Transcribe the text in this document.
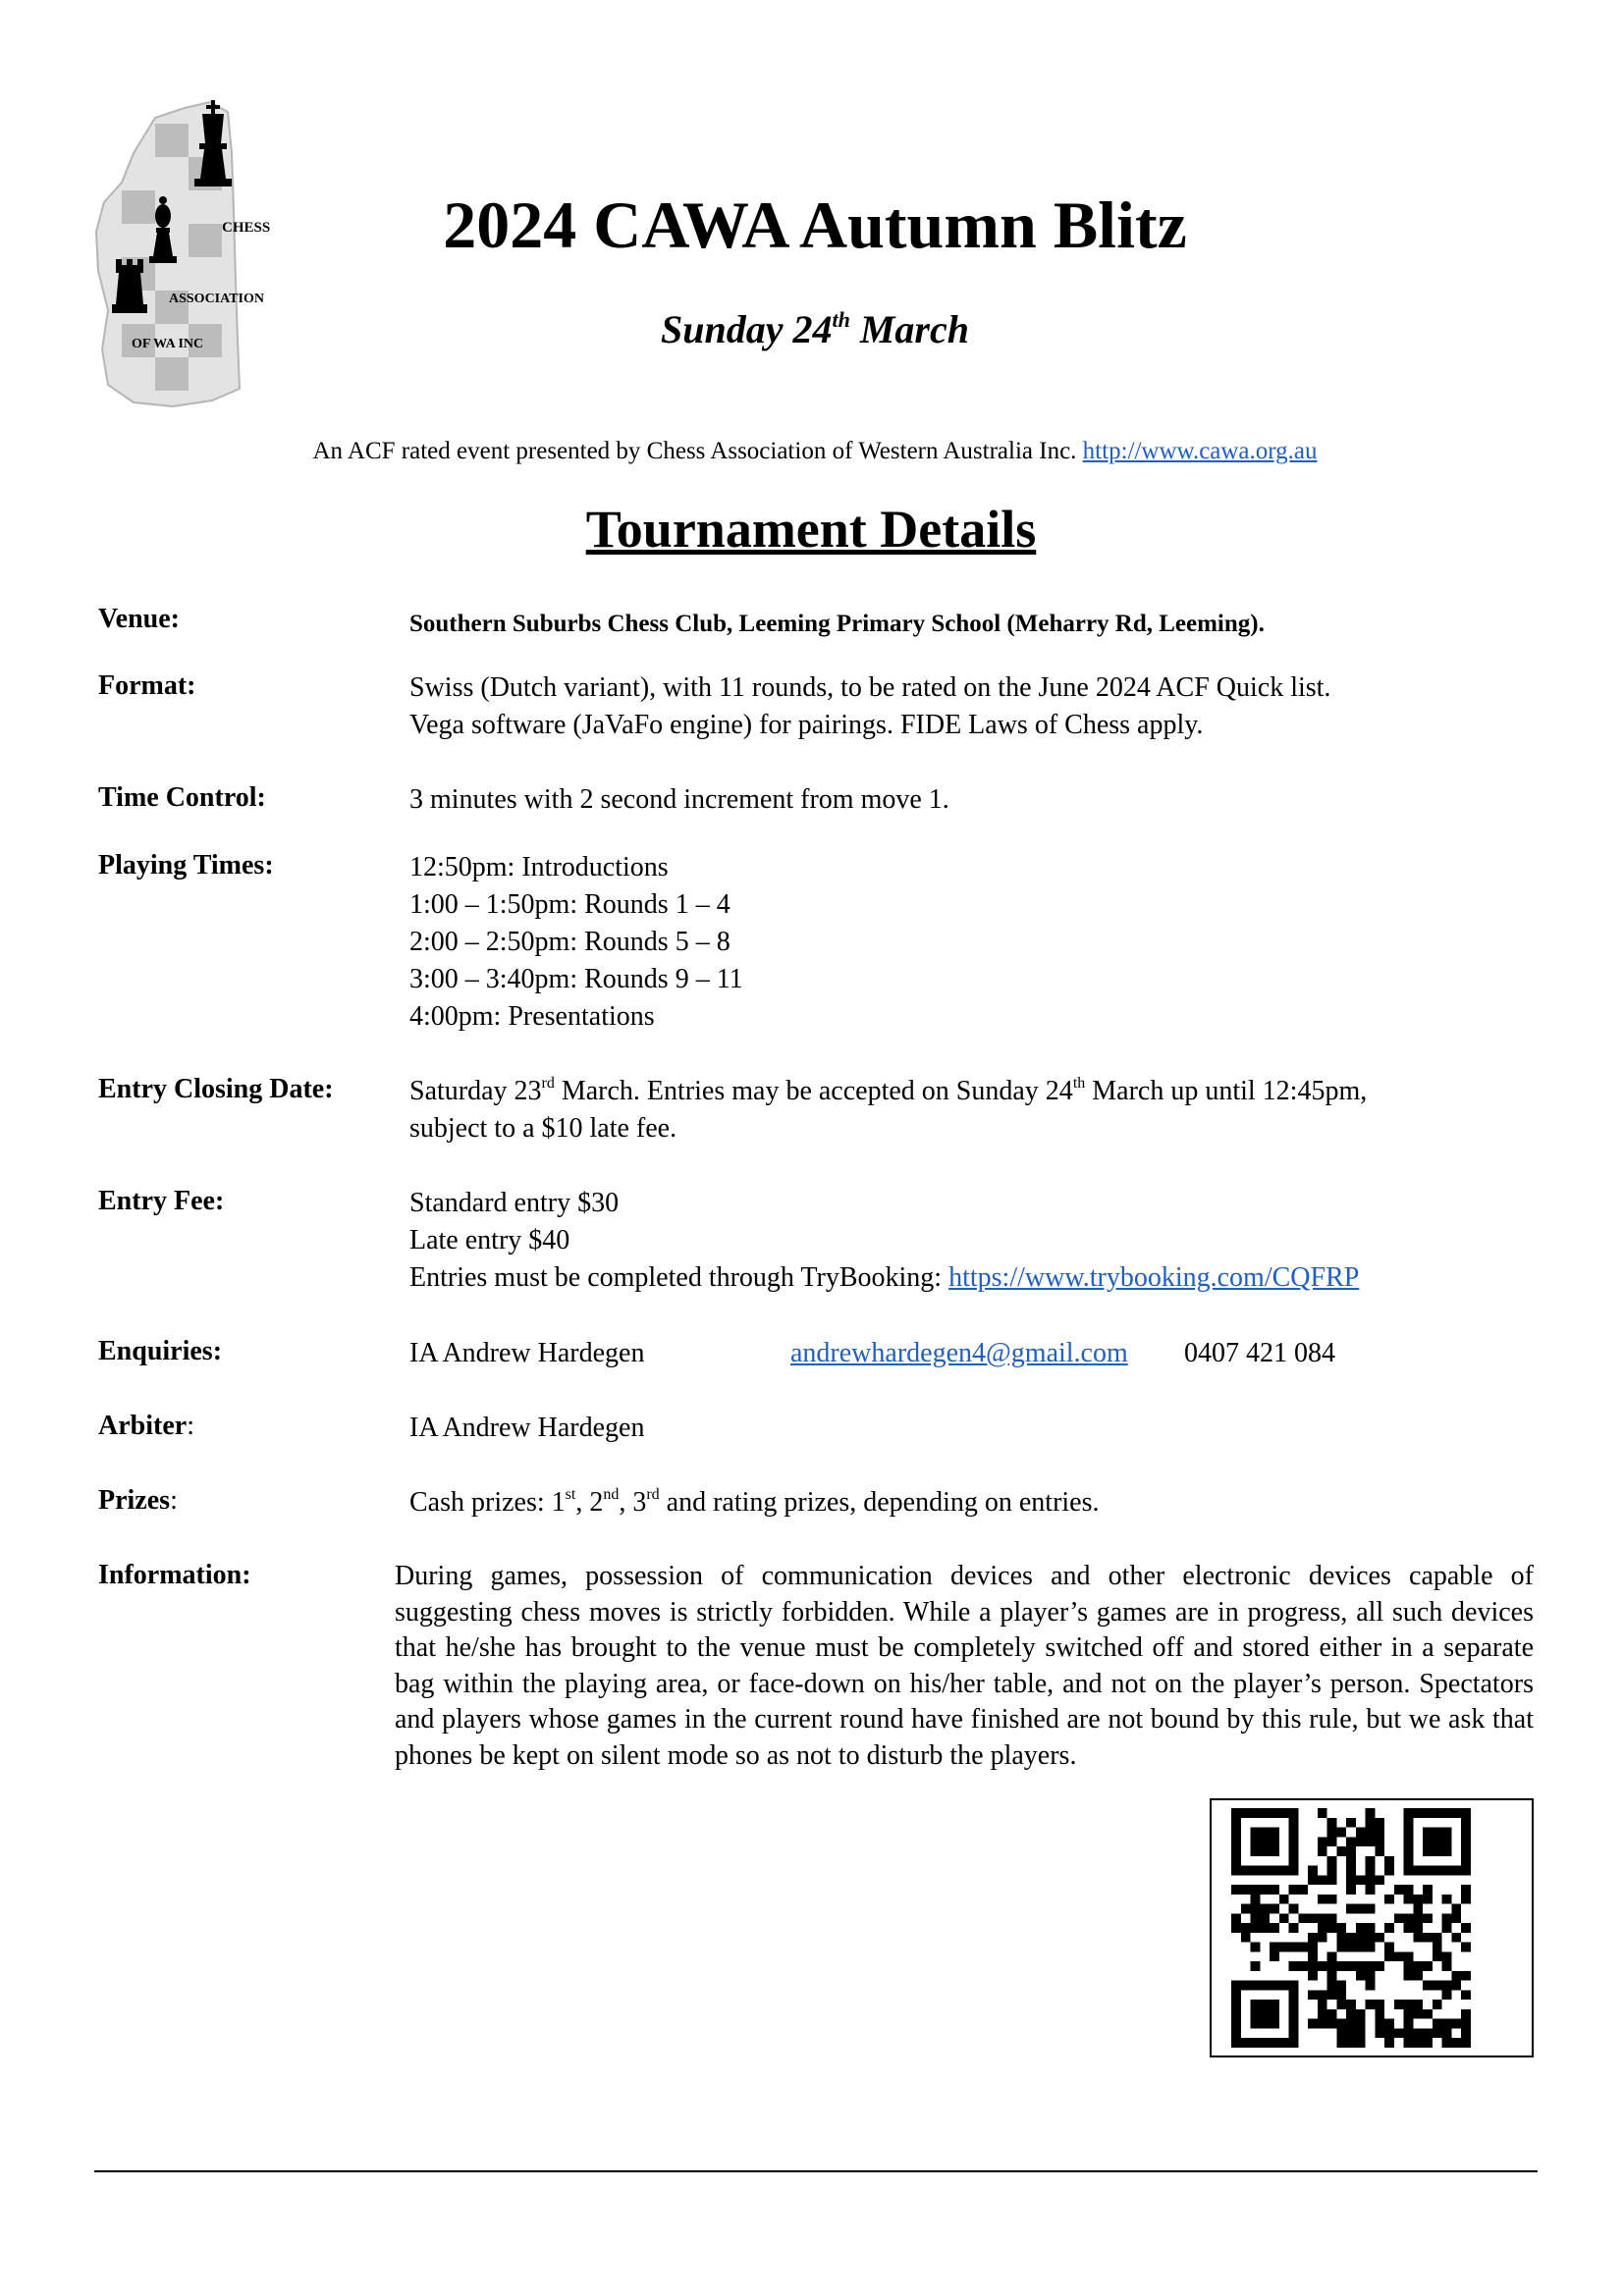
CHESS
ASSOCIATION
OF WA INC
2024 CAWA Autumn Blitz
Sunday 24th March
An ACF rated event presented by Chess Association of Western Australia Inc. http://www.cawa.org.au
Tournament Details
Venue:	Southern Suburbs Chess Club, Leeming Primary School (Meharry Rd, Leeming).
Format:	Swiss (Dutch variant), with 11 rounds, to be rated on the June 2024 ACF Quick list.
Vega software (JaVaFo engine) for pairings. FIDE Laws of Chess apply.
Time Control:	3 minutes with 2 second increment from move 1.
Playing Times:	12:50pm: Introductions
1:00 – 1:50pm: Rounds 1 – 4
2:00 – 2:50pm: Rounds 5 – 8
3:00 – 3:40pm: Rounds 9 – 11
4:00pm: Presentations
Entry Closing Date:	Saturday 23rd March. Entries may be accepted on Sunday 24th March up until 12:45pm,
subject to a $10 late fee.
Entry Fee:	Standard entry $30
Late entry $40
Entries must be completed through TryBooking: https://www.trybooking.com/CQFRP
Enquiries:	IA Andrew Hardegen	andrewhardegen4@gmail.com 0407 421 084
Arbiter:	IA Andrew Hardegen
Prizes:	Cash prizes: 1st, 2nd, 3rd and rating prizes, depending on entries.
Information:	During games, possession of communication devices and other electronic devices capable of suggesting chess moves is strictly forbidden. While a player’s games are in progress, all such devices that he/she has brought to the venue must be completely switched off and stored either in a separate bag within the playing area, or face-down on his/her table, and not on the player’s person. Spectators and players whose games in the current round have finished are not bound by this rule, but we ask that phones be kept on silent mode so as not to disturb the players.
